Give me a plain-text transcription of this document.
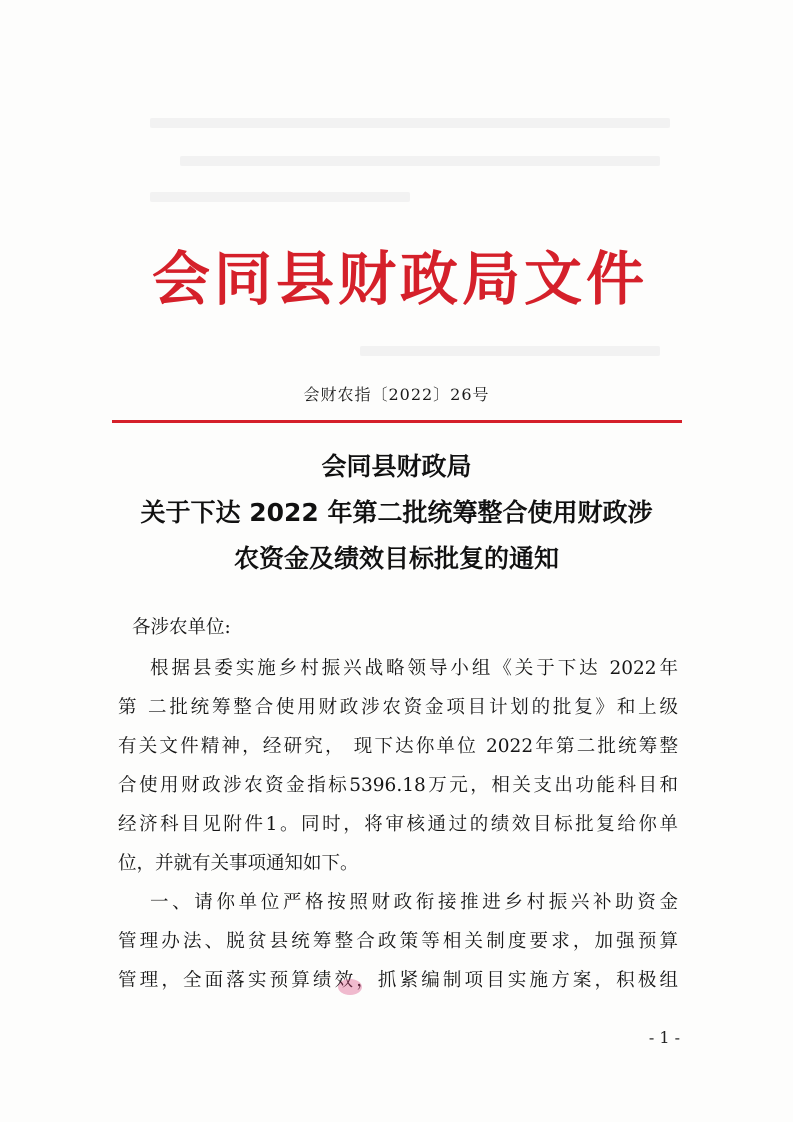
会同县财政局文件
会财农指〔2022〕26号
会同县财政局
关于下达 2022 年第二批统筹整合使用财政涉
农资金及绩效目标批复的通知
各涉农单位:
根据县委实施乡村振兴战略领导小组《关于下达 2022年
第 二批统筹整合使用财政涉农资金项目计划的批复》和上级
有关文件精神，经研究， 现下达你单位 2022年第二批统筹整
合使用财政涉农资金指标5396.18万元，相关支出功能科目和
经济科目见附件1。同时，将审核通过的绩效目标批复给你单
位，并就有关事项通知如下。
一、请你单位严格按照财政衔接推进乡村振兴补助资金
管理办法、脱贫县统筹整合政策等相关制度要求，加强预算
管理，全面落实预算绩效，抓紧编制项目实施方案，积极组
- 1 -
